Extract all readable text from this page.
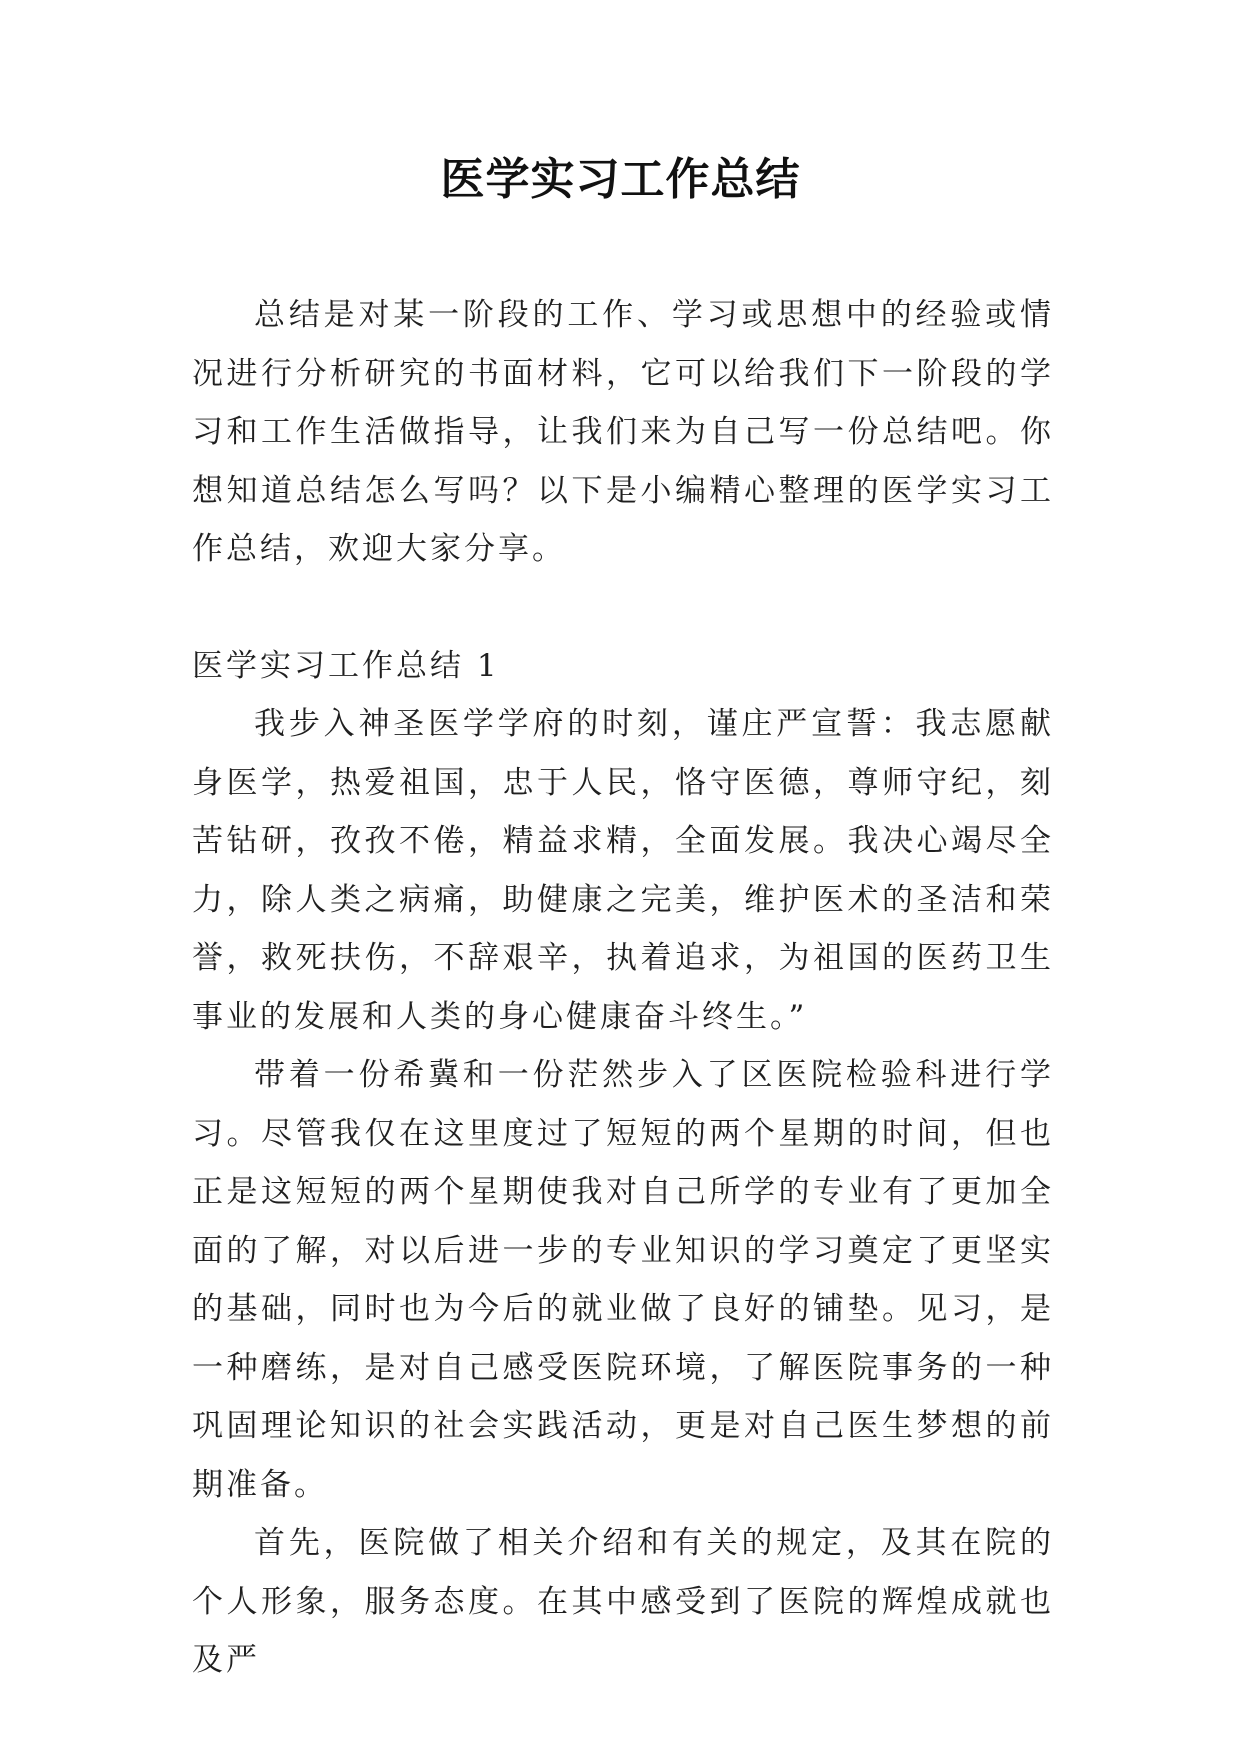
医学实习工作总结

总结是对某一阶段的工作、学习或思想中的经验或情况进行分析研究的书面材料，它可以给我们下一阶段的学习和工作生活做指导，让我们来为自己写一份总结吧。你想知道总结怎么写吗？以下是小编精心整理的医学实习工作总结，欢迎大家分享。

医学实习工作总结 1

我步入神圣医学学府的时刻，谨庄严宣誓：我志愿献身医学，热爱祖国，忠于人民，恪守医德，尊师守纪，刻苦钻研，孜孜不倦，精益求精，全面发展。我决心竭尽全力，除人类之病痛，助健康之完美，维护医术的圣洁和荣誉，救死扶伤，不辞艰辛，执着追求，为祖国的医药卫生事业的发展和人类的身心健康奋斗终生。”

带着一份希冀和一份茫然步入了区医院检验科进行学习。尽管我仅在这里度过了短短的两个星期的时间，但也正是这短短的两个星期使我对自己所学的专业有了更加全面的了解，对以后进一步的专业知识的学习奠定了更坚实的基础，同时也为今后的就业做了良好的铺垫。见习，是一种磨练，是对自己感受医院环境，了解医院事务的一种巩固理论知识的社会实践活动，更是对自己医生梦想的前期准备。

首先，医院做了相关介绍和有关的规定，及其在院的个人形象，服务态度。在其中感受到了医院的辉煌成就也及严
